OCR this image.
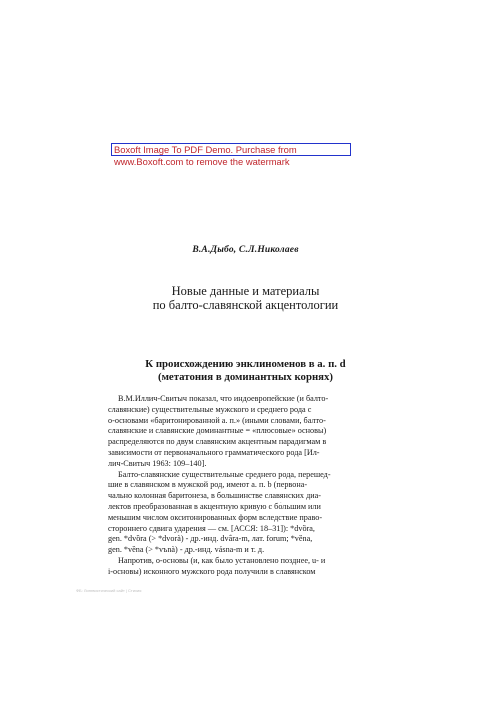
Boxoft Image To PDF Demo. Purchase from
www.Boxoft.com to remove the watermark
В.А.Дыбо, С.Л.Николаев
Новые данные и материалы
по балто-славянской акцентологии
К происхождению энклиноменов в а. п. d
(метатония в доминантных корнях)
В.М.Иллич-Свитыч показал, что индоевропейские (и балто-
славянские) существительные мужского и среднего рода с
о-основами «баритонированной а. п.» (иными словами, балто-
славянские и славянские доминантные = «плюсовые» основы)
распределяются по двум славянским акцентным парадигмам в
зависимости от первоначального грамматического рода [Ил-
лич-Свитыч 1963: 109–140].
Балто-славянские существительные среднего рода, перешед-
шие в славянском в мужской род, имеют а. п. b (первона-
чально колонная баритонеза, в большинстве славянских диа-
лектов преобразованная в акцентную кривую с бо́льшим или
меньшим числом окситонированных форм вследствие право-
стороннего сдвига ударения — см. [АССЯ: 18–31]): *dvȍra,
gen. *dvȍra (> *dvorà) - др.-инд. dvā́ra-m, лат. forum; *vȅna,
gen. *vȅna (> *vъnà) - др.-инд. vásna-m и т. д.
Напротив, о-основы (и, как было установлено позднее, u- и
i-основы) исконного мужского рода получили в славянском
ФБ: Лингвистический сайт | Стихия
